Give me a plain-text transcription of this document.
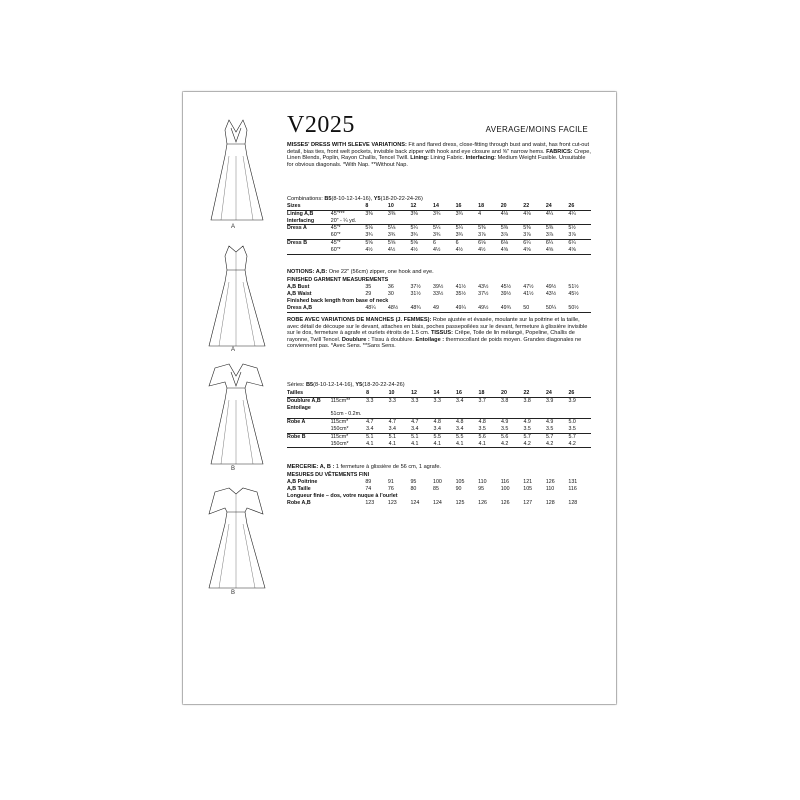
A
A
B
B
V2025	AVERAGE/MOINS FACILE
MISSES' DRESS WITH SLEEVE VARIATIONS: Fit and flared dress, close-fitting through bust and waist, has front cut-out detail, bias ties, front welt pockets, invisible back zipper with hook and eye closure and ⅝" narrow hems. FABRICS: Crepe, Linen Blends, Poplin, Rayon Challis, Tencel Twill. Lining: Lining Fabric. Interfacing: Medium Weight Fusible. Unsuitable for obvious diagonals. *With Nap. **Without Nap.
Combinations: B5(8-10-12-14-16), Y5(18-20-22-24-26)
Sizes		8	10	12	14	16	18	20	22	24	26
Lining A,B	45"***	3⅜	3⅜	3⅜	3¾	3¾	4	4⅛	4⅛	4¼	4¼
Interfacing	20" - ¼ yd.										
Dress A	45"*	5⅛	5⅛	5¼	5¼	5¼	5⅜	5⅜	5⅜	5⅜	5½
	60"*	3¾	3¾	3¾	3¾	3¾	3⅞	3⅞	3⅞	3⅞	3⅞
Dress B	45"*	5⅝	5⅝	5⅝	6	6	6⅛	6⅛	6¼	6¼	6¼
	60"*	4½	4½	4½	4½	4½	4½	4⅝	4⅝	4⅝	4⅝
NOTIONS: A,B: One 22" (56cm) zipper, one hook and eye.
FINISHED GARMENT MEASUREMENTS
A,B Bust		35	36	37½	39½	41½	43½	45½	47½	49½	51½
A,B Waist		29	30	31½	33½	35½	37½	39½	41½	43½	45½
Finished back length from base of neck
Dress A,B		48¼	48½	48¾	49	49¼	49½	49¾	50	50¼	50½
ROBE AVEC VARIATIONS DE MANCHES (J. FEMMES): Robe ajustée et évasée, moulante sur la poitrine et la taille, avec détail de découpe sur le devant, attaches en biais, poches passepoilées sur le devant, fermeture à glissière invisible sur le dos, fermeture à agrafe et ourlets étroits de 1.5 cm. TISSUS: Crêpe, Toile de lin mélangé, Popeline, Challis de rayonne, Twill Tencel. Doublure : Tissu à doublure. Entoilage : thermocollant de poids moyen. Grandes diagonales ne conviennent pas. *Avec Sens. **Sans Sens.
Séries: B5(8-10-12-14-16), Y5(18-20-22-24-26)
Tailles		8	10	12	14	16	18	20	22	24	26
Doublure A,B	115cm**	3.3	3.3	3.3	3.3	3.4	3.7	3.8	3.8	3.9	3.9
Entoilage											
	51cm - 0.2m.										
Robe A	115cm*	4.7	4.7	4.7	4.8	4.8	4.8	4.9	4.9	4.9	5.0
	150cm*	3.4	3.4	3.4	3.4	3.4	3.5	3.5	3.5	3.5	3.5
Robe B	115cm*	5.1	5.1	5.1	5.5	5.5	5.6	5.6	5.7	5.7	5.7
	150cm*	4.1	4.1	4.1	4.1	4.1	4.1	4.2	4.2	4.2	4.2
MERCERIE: A, B : 1 fermeture à glissière de 56 cm, 1 agrafe.
MESURES DU VÊTEMENTS FINI
A,B Poitrine		89	91	95	100	105	110	116	121	126	131
A,B Taille		74	76	80	85	90	95	100	105	110	116
Longueur finie – dos, votre nuque à l'ourlet
Robe A,B		123	123	124	124	125	126	126	127	128	128
